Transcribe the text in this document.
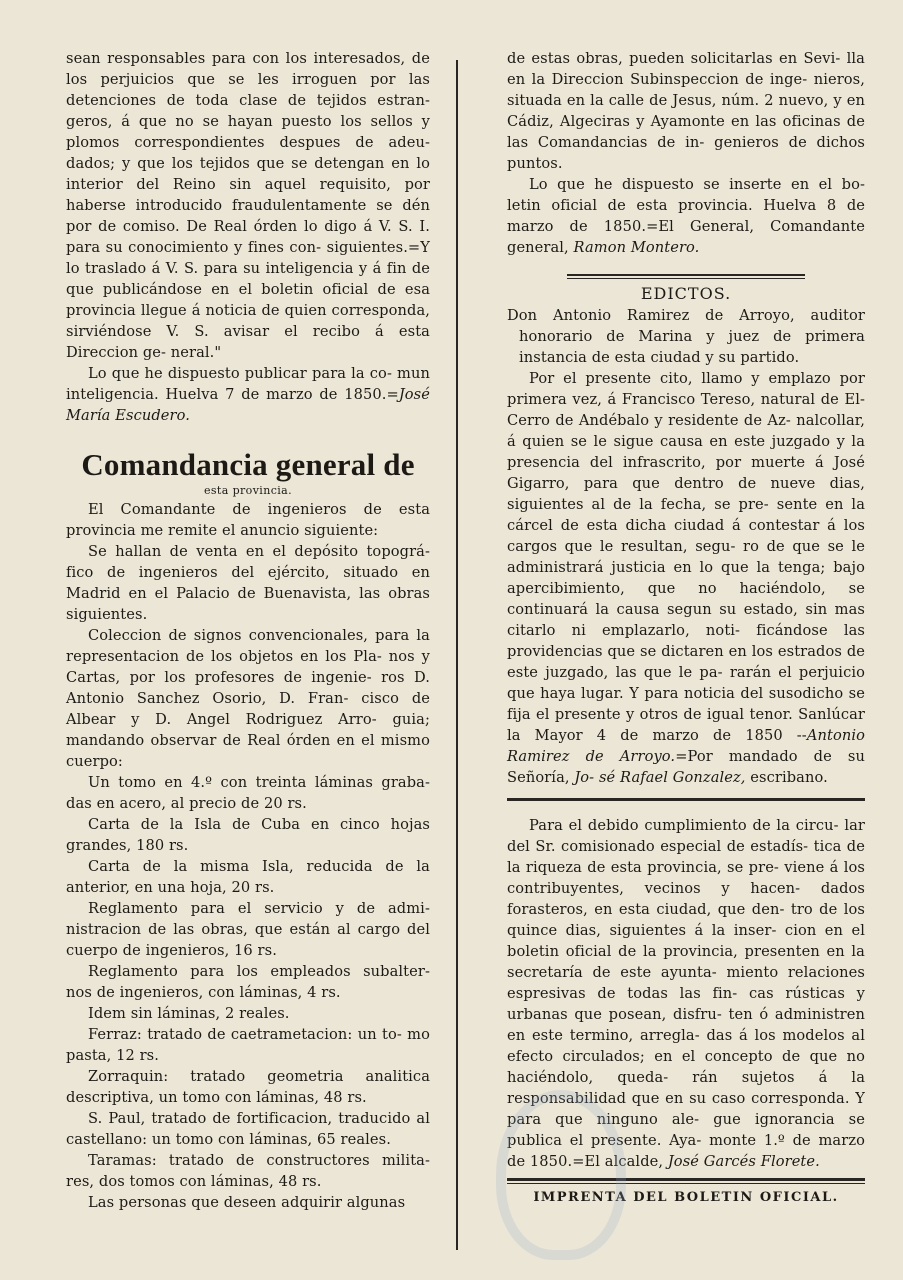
sean responsables para con los interesados, de los perjuicios que se les irroguen por las detenciones de toda clase de tejidos estran- geros, á que no se hayan puesto los sellos y plomos correspondientes despues de adeu- dados; y que los tejidos que se detengan en lo interior del Reino sin aquel requisito, por haberse introducido fraudulentamente se dén por de comiso. De Real órden lo digo á V. S. I. para su conocimiento y fines con- siguientes.=Y lo traslado á V. S. para su inteligencia y á fin de que publicándose en el boletin oficial de esa provincia llegue á noticia de quien corresponda, sirviéndose V. S. avisar el recibo á esta Direccion ge- neral."

Lo que he dispuesto publicar para la co- mun inteligencia. Huelva 7 de marzo de 1850.=José María Escudero.

Comandancia general de
esta provincia.

El Comandante de ingenieros de esta provincia me remite el anuncio siguiente:

Se hallan de venta en el depósito topográ- fico de ingenieros del ejército, situado en Madrid en el Palacio de Buenavista, las obras siguientes.

Coleccion de signos convencionales, para la representacion de los objetos en los Pla- nos y Cartas, por los profesores de ingenie- ros D. Antonio Sanchez Osorio, D. Fran- cisco de Albear y D. Angel Rodriguez Arro- guia; mandando observar de Real órden en el mismo cuerpo:

Un tomo en 4.º con treinta láminas graba- das en acero, al precio de 20 rs.

Carta de la Isla de Cuba en cinco hojas grandes, 180 rs.

Carta de la misma Isla, reducida de la anterior, en una hoja, 20 rs.

Reglamento para el servicio y de admi- nistracion de las obras, que están al cargo del cuerpo de ingenieros, 16 rs.

Reglamento para los empleados subalter- nos de ingenieros, con láminas, 4 rs.

Idem sin láminas, 2 reales.

Ferraz: tratado de caetrametacion: un to- mo pasta, 12 rs.

Zorraquin: tratado geometria analitica descriptiva, un tomo con láminas, 48 rs.

S. Paul, tratado de fortificacion, traducido al castellano: un tomo con láminas, 65 reales.

Taramas: tratado de constructores milita- res, dos tomos con láminas, 48 rs.

Las personas que deseen adquirir algunas

de estas obras, pueden solicitarlas en Sevi- lla en la Direccion Subinspeccion de inge- nieros, situada en la calle de Jesus, núm. 2 nuevo, y en Cádiz, Algeciras y Ayamonte en las oficinas de las Comandancias de in- genieros de dichos puntos.

Lo que he dispuesto se inserte en el bo- letin oficial de esta provincia. Huelva 8 de marzo de 1850.=El General, Comandante general, Ramon Montero.

EDICTOS.

Don Antonio Ramirez de Arroyo, auditor honorario de Marina y juez de primera instancia de esta ciudad y su partido.

Por el presente cito, llamo y emplazo por primera vez, á Francisco Tereso, natural de El-Cerro de Andébalo y residente de Az- nalcollar, á quien se le sigue causa en este juzgado y la presencia del infrascrito, por muerte á José Gigarro, para que dentro de nueve dias, siguientes al de la fecha, se pre- sente en la cárcel de esta dicha ciudad á contestar á los cargos que le resultan, segu- ro de que se le administrará justicia en lo que la tenga; bajo apercibimiento, que no haciéndolo, se continuará la causa segun su estado, sin mas citarlo ni emplazarlo, noti- ficándose las providencias que se dictaren en los estrados de este juzgado, las que le pa- rarán el perjuicio que haya lugar. Y para noticia del susodicho se fija el presente y otros de igual tenor. Sanlúcar la Mayor 4 de marzo de 1850 --Antonio Ramirez de Arroyo.=Por mandado de su Señoría, Jo- sé Rafael Gonzalez, escribano.

Para el debido cumplimiento de la circu- lar del Sr. comisionado especial de estadís- tica de la riqueza de esta provincia, se pre- viene á los contribuyentes, vecinos y hacen- dados forasteros, en esta ciudad, que den- tro de los quince dias, siguientes á la inser- cion en el boletin oficial de la provincia, presenten en la secretaría de este ayunta- miento relaciones espresivas de todas las fin- cas rústicas y urbanas que posean, disfru- ten ó administren en este termino, arregla- das á los modelos al efecto circulados; en el concepto de que no haciéndolo, queda- rán sujetos á la responsabilidad que en su caso corresponda. Y para que ninguno ale- gue ignorancia se publica el presente. Aya- monte 1.º de marzo de 1850.=El alcalde, José Garcés Florete.

IMPRENTA DEL BOLETIN OFICIAL.
